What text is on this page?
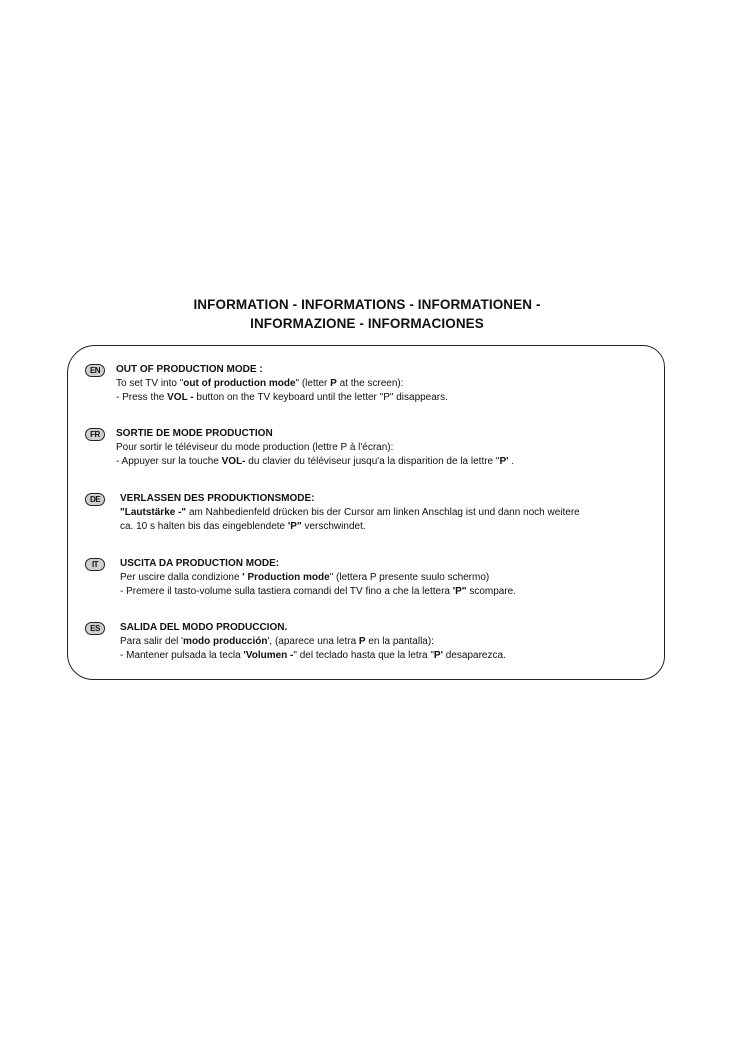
INFORMATION - INFORMATIONS - INFORMATIONEN -
INFORMAZIONE - INFORMACIONES
EN	OUT OF PRODUCTION MODE :
To set TV into "out of production mode" (letter P at the screen):
- Press the VOL - button on the TV keyboard until the letter "P" disappears.
FR	SORTIE DE MODE PRODUCTION
Pour sortir le téléviseur du mode production (lettre P à l'écran):
- Appuyer sur la touche VOL- du clavier du téléviseur jusqu'a la disparition de la lettre "P' .
DE	VERLASSEN DES PRODUKTIONSMODE:
"Lautstärke -" am Nahbedienfeld drücken bis der Cursor am linken Anschlag ist und dann noch weitere
ca. 10 s halten bis das eingeblendete 'P" verschwindet.
IT	USCITA DA PRODUCTION MODE:
Per uscire dalla condizione ' Production mode" (lettera P presente suulo schermo)
- Premere il tasto-volume sulla tastiera comandi del TV fino a che la lettera 'P" scompare.
ES	SALIDA DEL MODO PRODUCCION.
Para salir del 'modo producción', (aparece una letra P en la pantalla):
- Mantener pulsada la tecla 'Volumen -" del teclado hasta que la letra "P' desaparezca.
